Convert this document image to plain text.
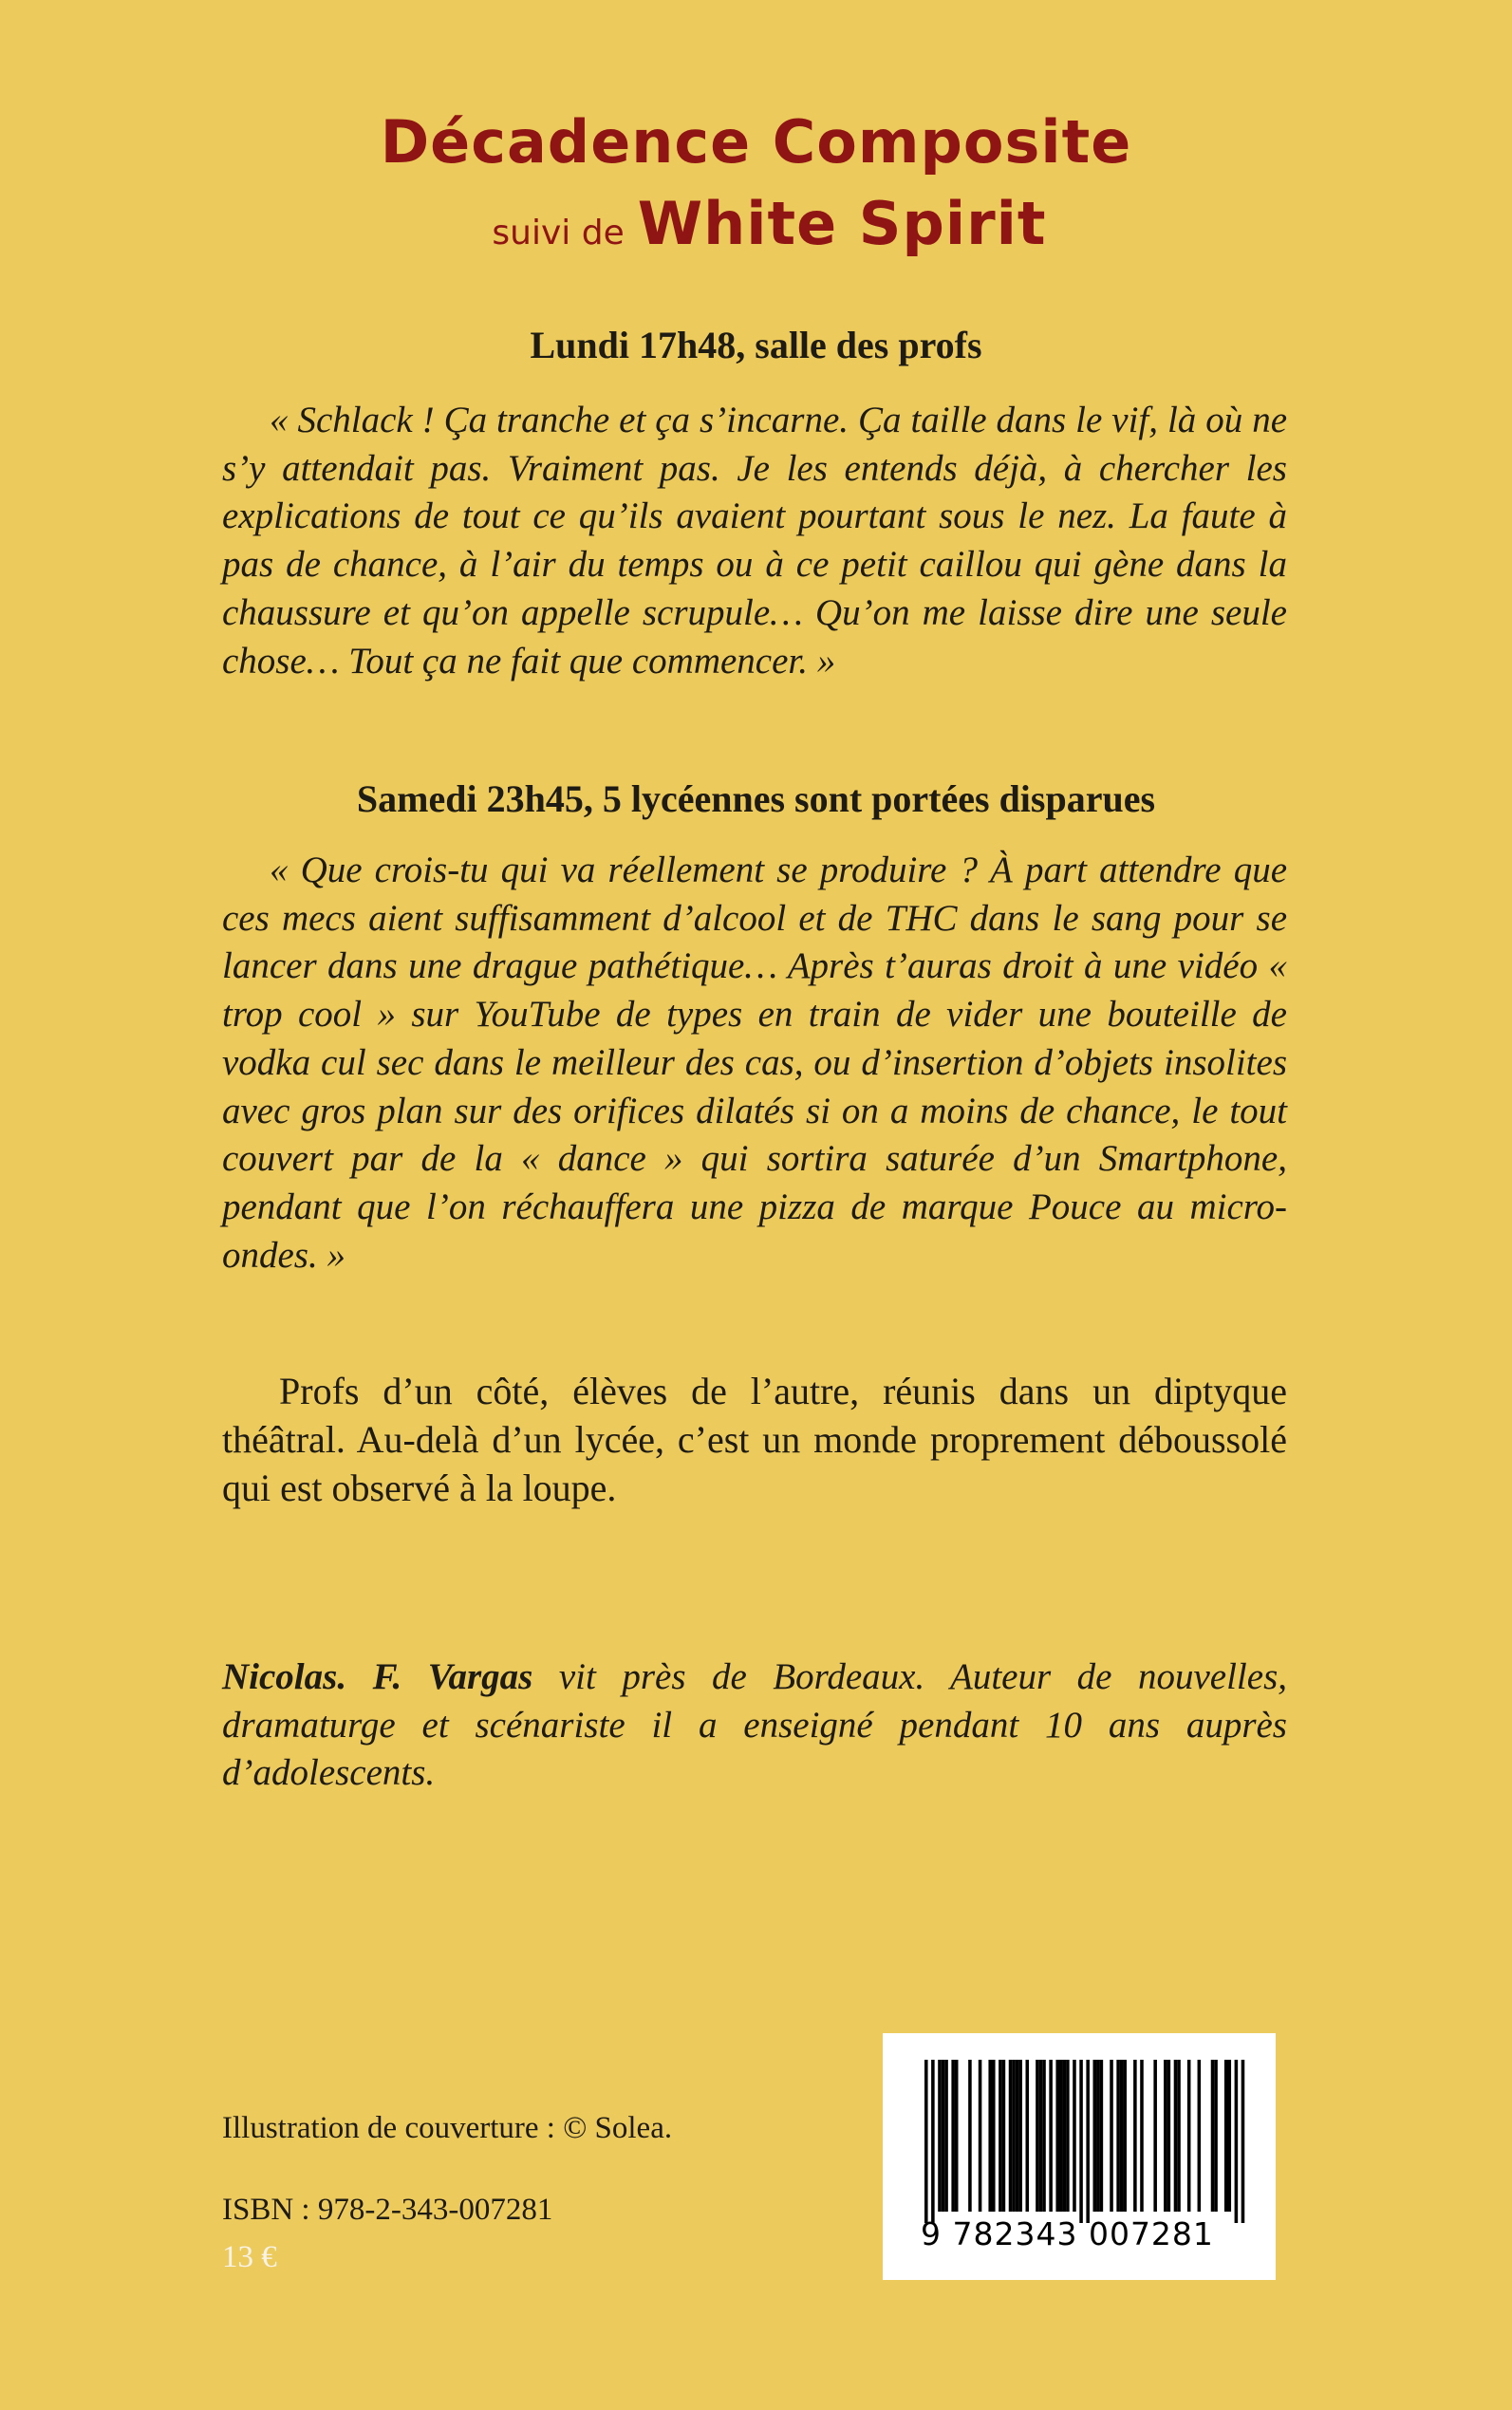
Décadence Composite
suivi de White Spirit
Lundi 17h48, salle des profs

« Schlack ! Ça tranche et ça s’incarne. Ça taille dans le vif, là où ne s’y attendait pas. Vraiment pas. Je les entends déjà, à chercher les explications de tout ce qu’ils avaient pourtant sous le nez. La faute à pas de chance, à l’air du temps ou à ce petit caillou qui gène dans la chaussure et qu’on appelle scrupule… Qu’on me laisse dire une seule chose… Tout ça ne fait que commencer. »

Samedi 23h45, 5 lycéennes sont portées disparues

« Que crois-tu qui va réellement se produire ? À part attendre que ces mecs aient suffisamment d’alcool et de THC dans le sang pour se lancer dans une drague pathétique… Après t’auras droit à une vidéo « trop cool » sur YouTube de types en train de vider une bouteille de vodka cul sec dans le meilleur des cas, ou d’insertion d’objets insolites avec gros plan sur des orifices dilatés si on a moins de chance, le tout couvert par de la « dance » qui sortira saturée d’un Smartphone, pendant que l’on réchauffera une pizza de marque Pouce au micro-ondes. »

Profs d’un côté, élèves de l’autre, réunis dans un diptyque théâtral. Au-delà d’un lycée, c’est un monde proprement déboussolé qui est observé à la loupe.

Nicolas. F. Vargas vit près de Bordeaux. Auteur de nouvelles, dramaturge et scénariste il a enseigné pendant 10 ans auprès d’adolescents.

Illustration de couverture : © Solea.
ISBN : 978-2-343-007281
13 €
9 782343 007281
